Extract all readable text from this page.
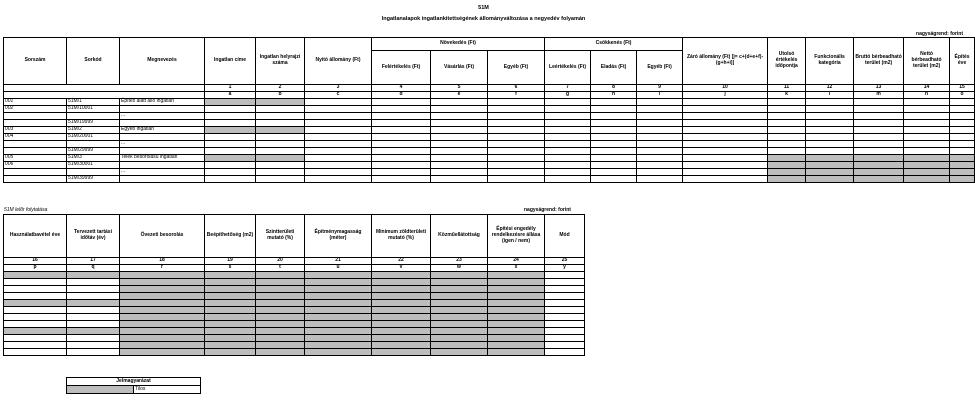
51M
Ingatlanalapok ingatlankitettségének állományváltozása a negyedév folyamán
nagyságrend: forint
Sorszám	Sorkód	Megnevezés	Ingatlan címe	Ingatlan helyrajzi száma	Nyitó állomány (Ft)	Növekedés (Ft)			Csökkenés (Ft)			Záró állomány (Ft) [j= c+(d+e+f)-(g+h+i)]	Utolsó értékelés időpontja	Funkcionális kategória	Bruttó bérbeadható terület (m2)	Nettó bérbeadható terület (m2)	Építés éve
						Felértékelés (Ft)	Vásárlás (Ft)	Egyéb (Ft)	Leértékelés (Ft)	Eladás (Ft)	Egyéb (Ft)						
			1	2	3	4	5	6	7	8	9	10	11	12	13	14	15
			a	b	c	d	e	f	g	h	i	j	k	l	m	n	o
001	51M/1	Építés alatt álló ingatlan															
002	51M/10001																
		...															
	51M/19999																
003	51M/2	Egyéb ingatlan															
004	51M/20001																
		...															
	51M/29999																
005	51M/3	Telek besorolású ingatlan															
006	51M/30001																
		...															
	51M/39999																
51M lelőr folytatása	nagyságrend: forint
Használatbavétel éve	Tervezett tartási időtáv (év)	Övezeti besorolás	Beépíthetőség (m2)	Szintterületi mutató (%)	Építménymagasság (méter)	Minimum zöldterületi mutató (%)	Közműellátottság	Építési engedély rendelkezésre állása (igen / nem)	Mód
16	17	18	19	20	21	22	23	24	25
p	q	r	s	t	u	v	w	x	y

Jelmagyarázat
	Tilos
